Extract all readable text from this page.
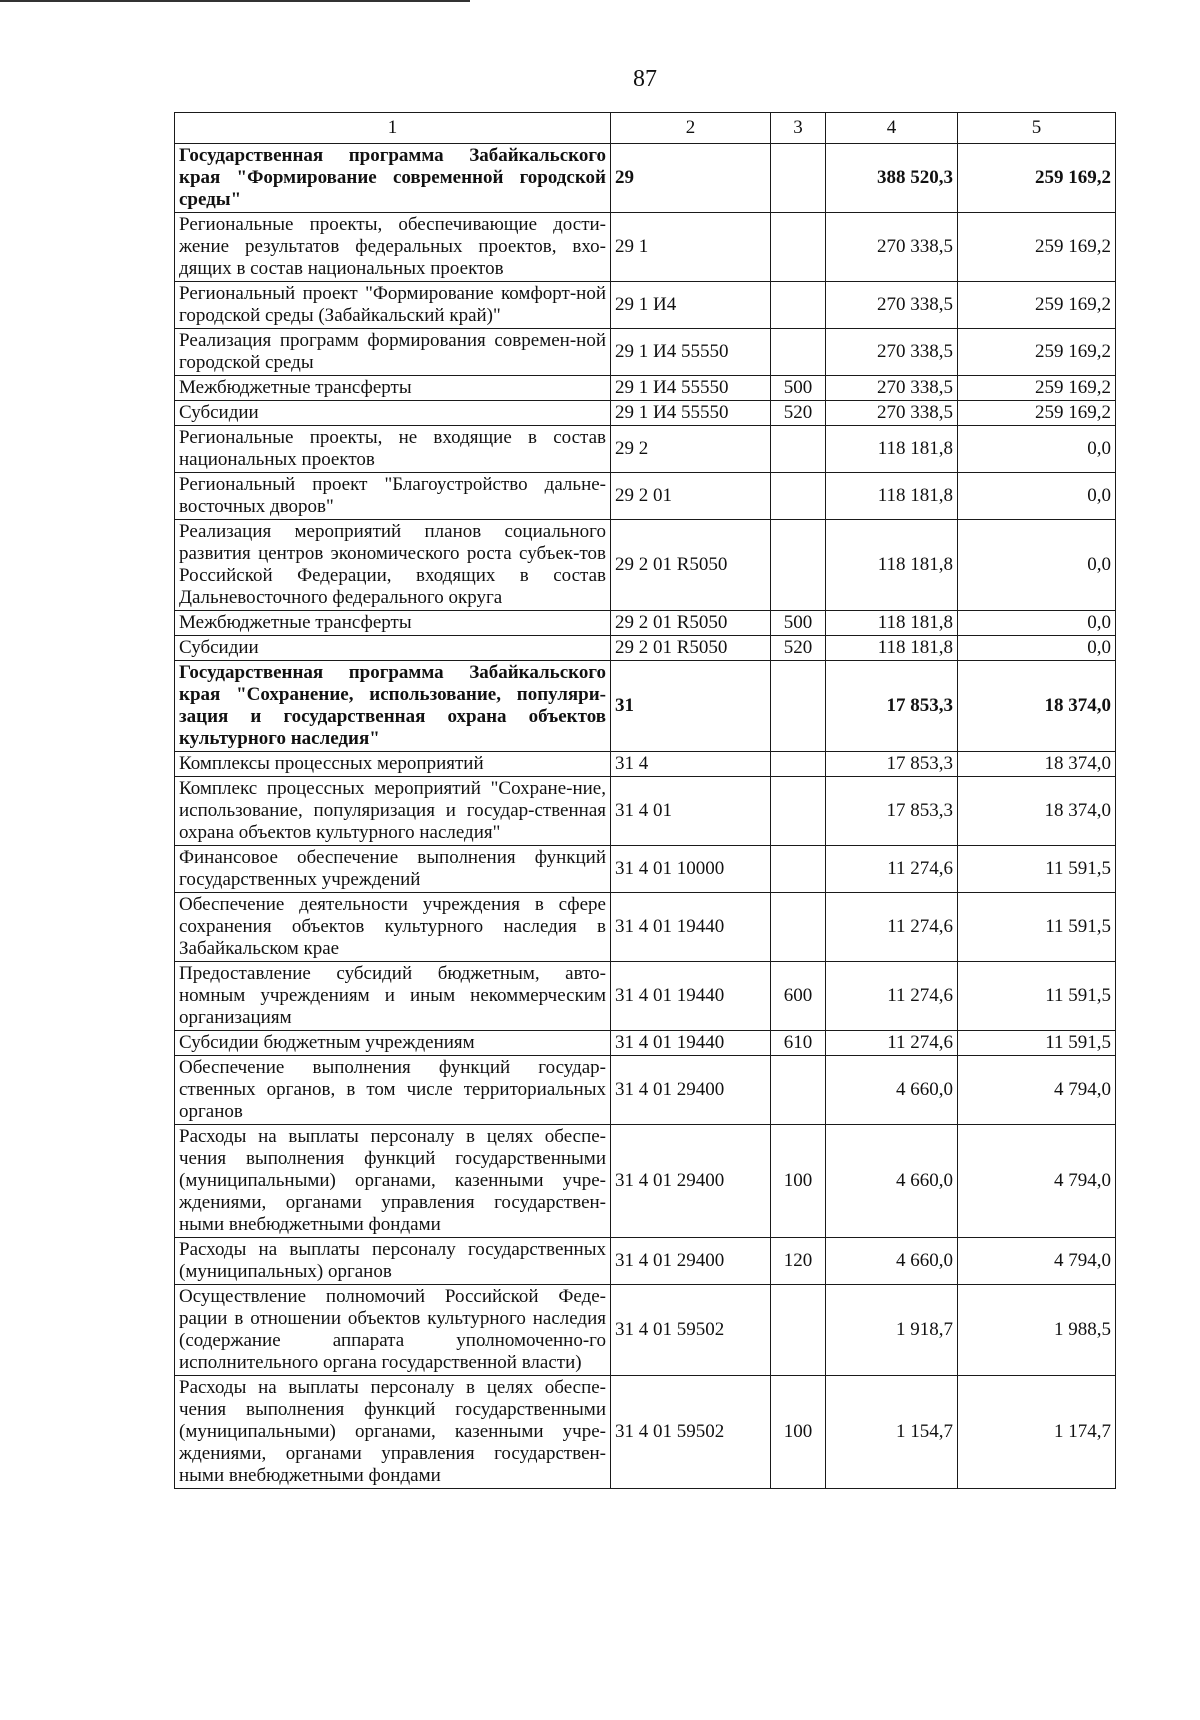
87
1	2	3	4	5
Государственная программа Забайкальского края "Формирование современной городской среды"	29		388 520,3	259 169,2
Региональные проекты, обеспечивающие дости-жение результатов федеральных проектов, вхо-дящих в состав национальных проектов	29 1		270 338,5	259 169,2
Региональный проект "Формирование комфорт-ной городской среды (Забайкальский край)"	29 1 И4		270 338,5	259 169,2
Реализация программ формирования современ-ной городской среды	29 1 И4 55550		270 338,5	259 169,2
Межбюджетные трансферты	29 1 И4 55550	500	270 338,5	259 169,2
Субсидии	29 1 И4 55550	520	270 338,5	259 169,2
Региональные проекты, не входящие в состав национальных проектов	29 2		118 181,8	0,0
Региональный проект "Благоустройство дальне-восточных дворов"	29 2 01		118 181,8	0,0
Реализация мероприятий планов социального развития центров экономического роста субъек-тов Российской Федерации, входящих в состав Дальневосточного федерального округа	29 2 01 R5050		118 181,8	0,0
Межбюджетные трансферты	29 2 01 R5050	500	118 181,8	0,0
Субсидии	29 2 01 R5050	520	118 181,8	0,0
Государственная программа Забайкальского края "Сохранение, использование, популяри-зация и государственная охрана объектов культурного наследия"	31		17 853,3	18 374,0
Комплексы процессных мероприятий	31 4		17 853,3	18 374,0
Комплекс процессных мероприятий "Сохране-ние, использование, популяризация и государ-ственная охрана объектов культурного наследия"	31 4 01		17 853,3	18 374,0
Финансовое обеспечение выполнения функций государственных учреждений	31 4 01 10000		11 274,6	11 591,5
Обеспечение деятельности учреждения в сфере сохранения объектов культурного наследия в Забайкальском крае	31 4 01 19440		11 274,6	11 591,5
Предоставление субсидий бюджетным, авто-номным учреждениям и иным некоммерческим организациям	31 4 01 19440	600	11 274,6	11 591,5
Субсидии бюджетным учреждениям	31 4 01 19440	610	11 274,6	11 591,5
Обеспечение выполнения функций государ-ственных органов, в том числе территориальных органов	31 4 01 29400		4 660,0	4 794,0
Расходы на выплаты персоналу в целях обеспе-чения выполнения функций государственными (муниципальными) органами, казенными учре-ждениями, органами управления государствен-ными внебюджетными фондами	31 4 01 29400	100	4 660,0	4 794,0
Расходы на выплаты персоналу государственных (муниципальных) органов	31 4 01 29400	120	4 660,0	4 794,0
Осуществление полномочий Российской Феде-рации в отношении объектов культурного наследия (содержание аппарата уполномоченно-го исполнительного органа государственной власти)	31 4 01 59502		1 918,7	1 988,5
Расходы на выплаты персоналу в целях обеспе-чения выполнения функций государственными (муниципальными) органами, казенными учре-ждениями, органами управления государствен-ными внебюджетными фондами	31 4 01 59502	100	1 154,7	1 174,7
